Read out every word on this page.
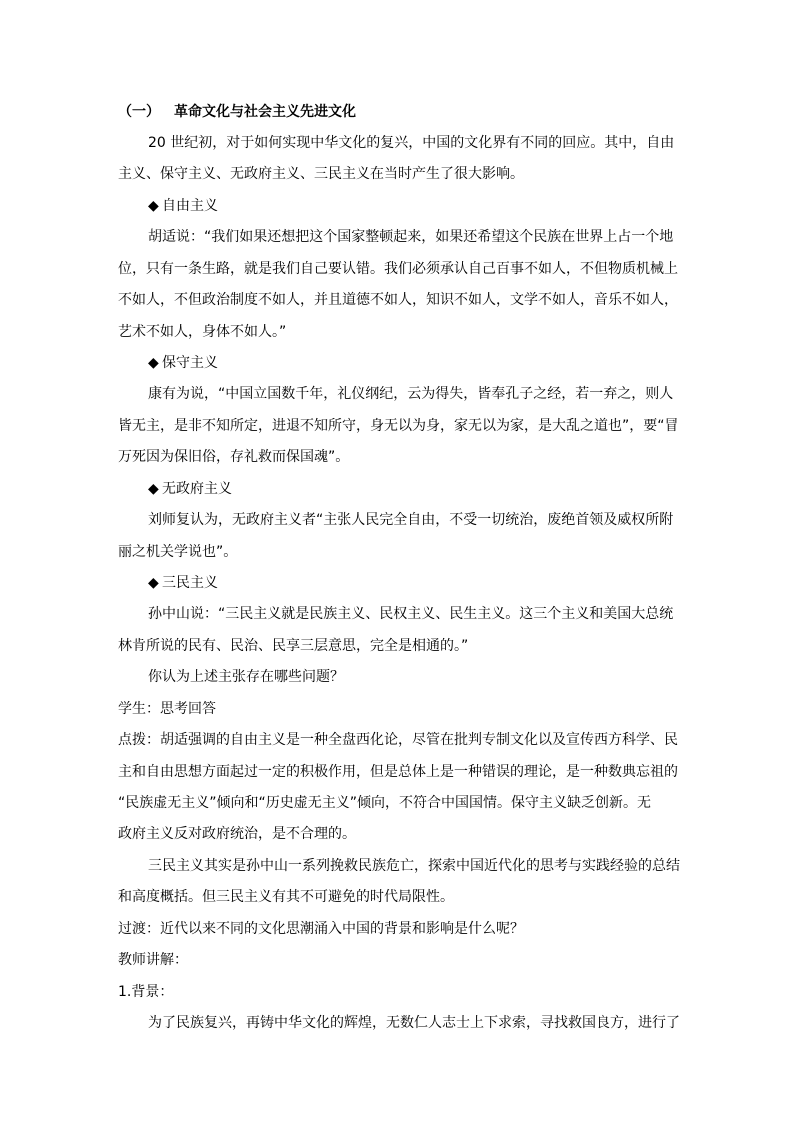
（一） 革命文化与社会主义先进文化
20 世纪初，对于如何实现中华文化的复兴，中国的文化界有不同的回应。其中，自由
主义、保守主义、无政府主义、三民主义在当时产生了很大影响。
◆ 自由主义
胡适说：“我们如果还想把这个国家整顿起来，如果还希望这个民族在世界上占一个地
位，只有一条生路，就是我们自己要认错。我们必须承认自己百事不如人，不但物质机械上
不如人，不但政治制度不如人，并且道德不如人，知识不如人，文学不如人，音乐不如人，
艺术不如人，身体不如人。”
◆ 保守主义
康有为说，“中国立国数千年，礼仪纲纪，云为得失，皆奉孔子之经，若一弃之，则人
皆无主，是非不知所定，进退不知所守，身无以为身，家无以为家，是大乱之道也”，要“冒
万死因为保旧俗，存礼救而保国魂”。
◆ 无政府主义
刘师复认为，无政府主义者“主张人民完全自由，不受一切统治，废绝首领及威权所附
丽之机关学说也”。
◆ 三民主义
孙中山说：“三民主义就是民族主义、民权主义、民生主义。这三个主义和美国大总统
林肯所说的民有、民治、民享三层意思，完全是相通的。”
你认为上述主张存在哪些问题？
学生：思考回答
点拨：胡适强调的自由主义是一种全盘西化论，尽管在批判专制文化以及宣传西方科学、民
主和自由思想方面起过一定的积极作用，但是总体上是一种错误的理论，是一种数典忘祖的
“民族虚无主义”倾向和“历史虚无主义”倾向，不符合中国国情。保守主义缺乏创新。无
政府主义反对政府统治，是不合理的。
三民主义其实是孙中山一系列挽救民族危亡，探索中国近代化的思考与实践经验的总结
和高度概括。但三民主义有其不可避免的时代局限性。
过渡：近代以来不同的文化思潮涌入中国的背景和影响是什么呢？
教师讲解：
1.背景：
为了民族复兴，再铸中华文化的辉煌，无数仁人志士上下求索，寻找救国良方，进行了
